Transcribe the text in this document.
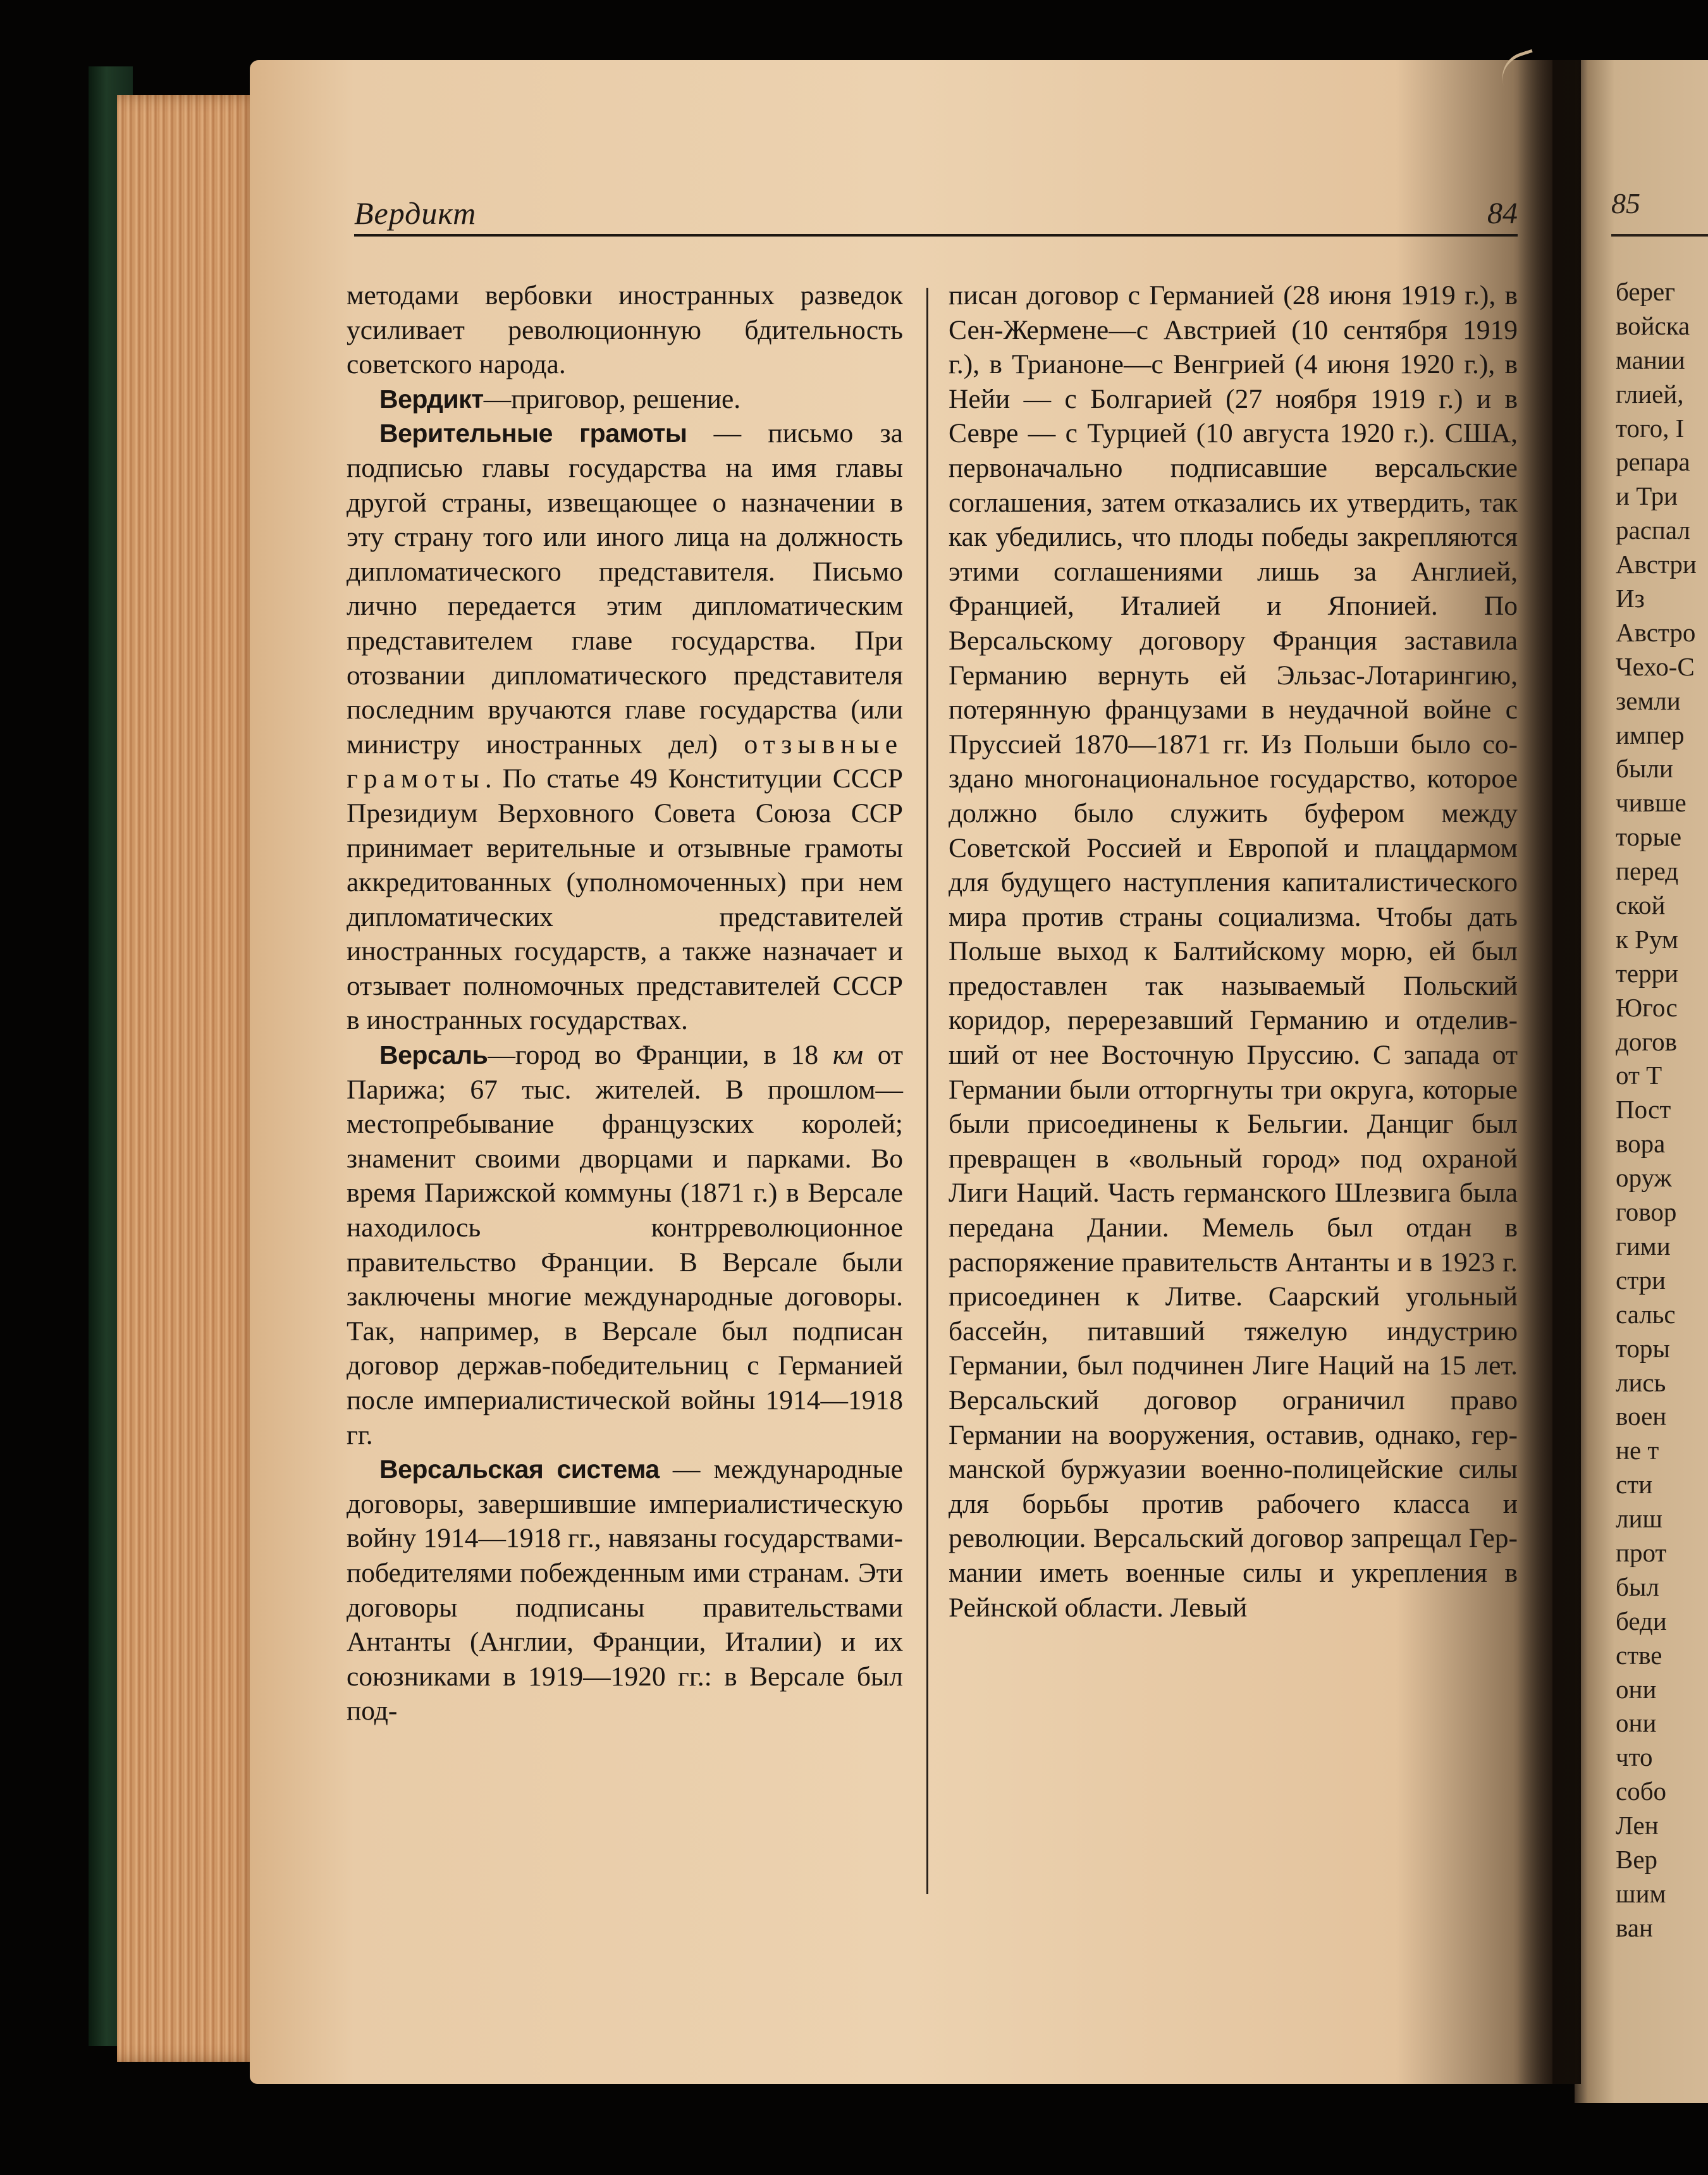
Вердикт	84

методами вербовки иностранных разведок усиливает революционную бдительность советского народа.

Вердикт—приговор, решение.

Верительные грамоты — письмо за подписью главы государства на имя главы другой страны, извещающее о назначении в эту страну того или иного лица на должность дипломатического представителя. Письмо лично передается этим дипломатическим представителем главе государства. При отозвании дипломатического представителя последним вручаются главе государства (или министру иностранных дел) отзывные грамоты. По статье 49 Конституции СССР Президиум Верховного Совета Союза ССР принимает верительные и отзывные грамоты аккредитованных (уполномоченных) при нем дипломатических представителей иностранных государств, а также назначает и отзывает полномочных представителей СССР в иностранных государствах.

Версаль—город во Франции, в 18 км от Парижа; 67 тыс. жителей. В прошлом—местопребывание французских королей; знаменит своими дворцами и парками. Во время Парижской коммуны (1871 г.) в Версале находилось контрреволюционное правительство Франции. В Версале были заключены многие международные договоры. Так, например, в Версале был подписан договор держав-победительниц с Германией после империалистической войны 1914—1918 гг.

Версальская система — международные договоры, завершившие империалистическую войну 1914—1918 гг., навязаны государствами-победителями побежденным ими странам. Эти договоры подписаны правительствами Антанты (Англии, Франции, Италии) и их союзниками в 1919—1920 гг.: в Версале был под-

писан договор с Германией (28 июня 1919 г.), в Сен-Жермене—с Австрией (10 сентября 1919 г.), в Трианоне—с Венгрией (4 июня 1920 г.), в Нейи — с Болгарией (27 ноября 1919 г.) и в Севре — с Турцией (10 августа 1920 г.). США, первоначально подписавшие версальские соглашения, затем отказались их утвердить, так как убедились, что плоды победы закрепляются этими соглашениями лишь за Англией, Францией, Италией и Японией. По Версальскому договору Франция заставила Германию вернуть ей Эльзас-Лотарингию, потерянную французами в неудачной войне с Пруссией 1870—1871 гг. Из Польши было создано многонациональное государство, которое должно было служить буфером между Советской Россией и Европой и плацдармом для будущего наступления капиталистического мира против страны социализма. Чтобы дать Польше выход к Балтийскому морю, ей был предоставлен так называемый Польский коридор, перерезавший Германию и отделивший от нее Восточную Пруссию. С запада от Германии были отторгнуты три округа, которые были присоединены к Бельгии. Данциг был превращен в «вольный город» под охраной Лиги Наций. Часть германского Шлезвига была передана Дании. Мемель был отдан в распоряжение правительств Антанты и в 1923 г. присоединен к Литве. Саарский угольный бассейн, питавший тяжелую индустрию Германии, был подчинен Лиге Наций на 15 лет. Версальский договор ограничил право Германии на вооружения, оставив, однако, германской буржуазии военно-полицейские силы для борьбы против рабочего класса и революции. Версальский договор запрещал Германии иметь военные силы и укрепления в Рейнской области. Левый

85
берег
войска
мании
глией,
того, I
репара
и Три
распал
Австри
Из
Австро
Чехо-С
земли
импер
были
чивше
торые
перед
ской
к Рум
терри
Югос
догов
от Т
Пост
вора
оруж
говор
гими
стри
сальс
торы
лись
воен
не т
сти
лиш
прот
был
беди
стве
они
они
что
собо
Лен
Вер
шим
ван
